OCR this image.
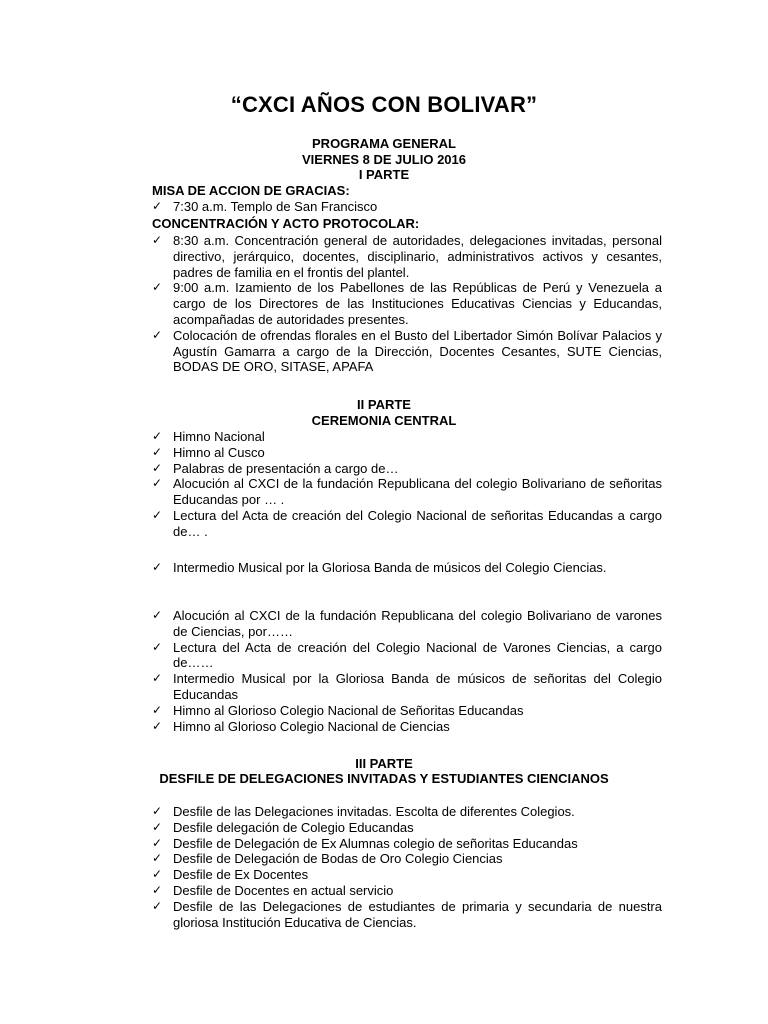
“CXCI AÑOS CON BOLIVAR”
PROGRAMA GENERAL
VIERNES 8 DE JULIO 2016
I PARTE
MISA DE ACCION DE GRACIAS:
✓ 7:30 a.m. Templo de San Francisco
CONCENTRACIÓN Y ACTO PROTOCOLAR:
✓ 8:30 a.m. Concentración general de autoridades, delegaciones invitadas, personal directivo, jerárquico, docentes, disciplinario, administrativos activos y cesantes, padres de familia en el frontis del plantel.
✓ 9:00 a.m. Izamiento de los Pabellones de las Repúblicas de Perú y Venezuela a cargo de los Directores de las Instituciones Educativas Ciencias y Educandas, acompañadas de autoridades presentes.
✓ Colocación de ofrendas florales en el Busto del Libertador Simón Bolívar Palacios y Agustín Gamarra a cargo de la Dirección, Docentes Cesantes, SUTE Ciencias, BODAS DE ORO, SITASE, APAFA
II PARTE
CEREMONIA CENTRAL
✓ Himno Nacional
✓ Himno al Cusco
✓ Palabras de presentación a cargo de…
✓ Alocución al CXCI de la fundación Republicana del colegio Bolivariano de señoritas Educandas por … .
✓ Lectura del Acta de creación del Colegio Nacional de señoritas Educandas a cargo de… .
✓ Intermedio Musical por la Gloriosa Banda de músicos del Colegio Ciencias.
✓ Alocución al CXCI de la fundación Republicana del colegio Bolivariano de varones de Ciencias, por……
✓ Lectura del Acta de creación del Colegio Nacional de Varones Ciencias, a cargo de……
✓ Intermedio Musical por la Gloriosa Banda de músicos de señoritas del Colegio Educandas
✓ Himno al Glorioso Colegio Nacional de Señoritas Educandas
✓ Himno al Glorioso Colegio Nacional de Ciencias
III PARTE
DESFILE DE DELEGACIONES INVITADAS Y ESTUDIANTES CIENCIANOS
✓ Desfile de las Delegaciones invitadas. Escolta de diferentes Colegios.
✓ Desfile delegación de Colegio Educandas
✓ Desfile de Delegación de Ex Alumnas colegio de señoritas Educandas
✓ Desfile de Delegación de Bodas de Oro Colegio Ciencias
✓ Desfile de Ex Docentes
✓ Desfile de Docentes en actual servicio
✓ Desfile de las Delegaciones de estudiantes de primaria y secundaria de nuestra gloriosa Institución Educativa de Ciencias.
